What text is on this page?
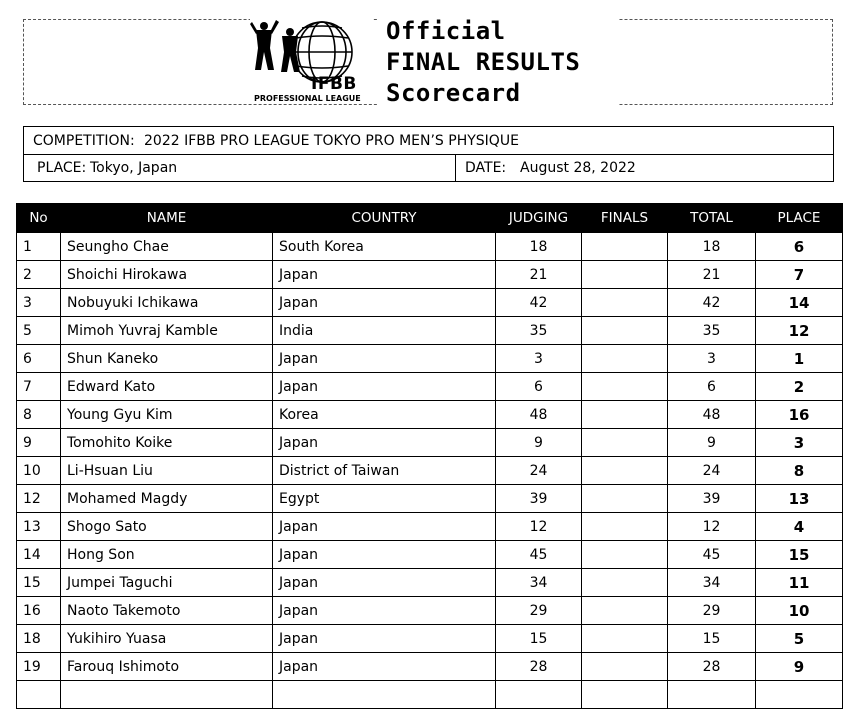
IFBB
PROFESSIONAL LEAGUE
Official
FINAL RESULTS
Scorecard
COMPETITION: 2022 IFBB PRO LEAGUE TOKYO PRO MEN’S PHYSIQUE
PLACE: Tokyo, Japan	DATE: August 28, 2022
No	NAME	COUNTRY	JUDGING	FINALS	TOTAL	PLACE
1	Seungho Chae	South Korea	18		18	6
2	Shoichi Hirokawa	Japan	21		21	7
3	Nobuyuki Ichikawa	Japan	42		42	14
5	Mimoh Yuvraj Kamble	India	35		35	12
6	Shun Kaneko	Japan	3		3	1
7	Edward Kato	Japan	6		6	2
8	Young Gyu Kim	Korea	48		48	16
9	Tomohito Koike	Japan	9		9	3
10	Li-Hsuan Liu	District of Taiwan	24		24	8
12	Mohamed Magdy	Egypt	39		39	13
13	Shogo Sato	Japan	12		12	4
14	Hong Son	Japan	45		45	15
15	Jumpei Taguchi	Japan	34		34	11
16	Naoto Takemoto	Japan	29		29	10
18	Yukihiro Yuasa	Japan	15		15	5
19	Farouq Ishimoto	Japan	28		28	9
